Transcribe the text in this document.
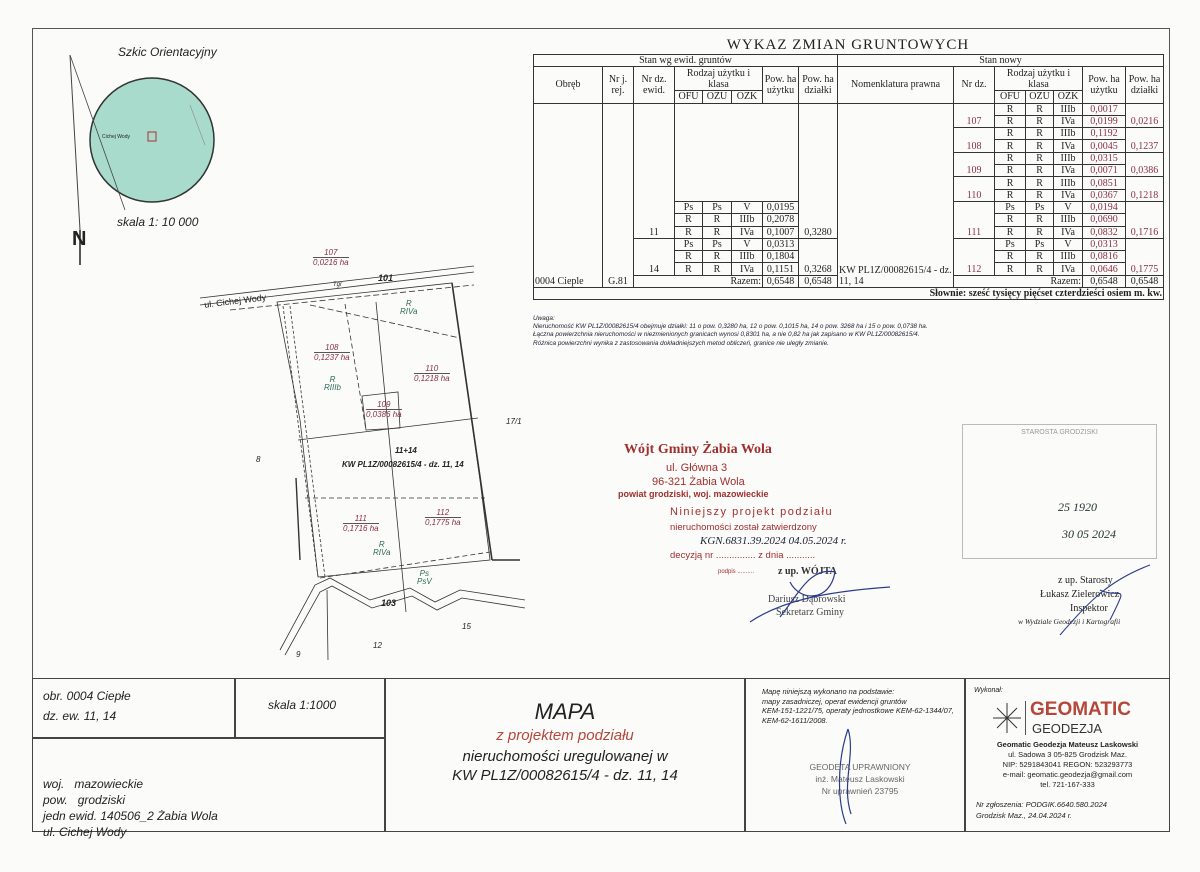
Szkic Orientacyjny
Cichej Wody
skala 1: 10 000
N
ul. Cichej Wody
101
Tgr
103
107
0,0216 ha
108
0,1237 ha
109
0,0386 ha
110
0,1218 ha
111
0,1716 ha
112
0,1775 ha
R
RIVa
R
RIIIb
R
RIVa
Ps
PsV
11+14
KW PL1Z/00082615/4 - dz. 11, 14
8
17/1
9
12
15
WYKAZ ZMIAN GRUNTOWYCH
Stan wg ewid. gruntów								Stan nowy						
Obręb	Nr j. rej.	Nr dz. ewid.	Rodzaj użytku i klasa			Pow. ha użytku	Pow. ha działki	Nomenklatura prawna	Nr dz.	Rodzaj użytku i klasa			Pow. ha użytku	Pow. ha działki
			OFU	OZU	OZK					OFU	OZU	OZK		
0004 Cieple	G.81	11					0,3280	KW PL1Z/00082615/4 - dz. 11, 14	107	R	R	IIIb	0,0017	0,0216
										R	R	IVa	0,0199	
									108	R	R	IIIb	0,1192	0,1237
										R	R	IVa	0,0045	
									109	R	R	IIIb	0,0315	0,0386
										R	R	IVa	0,0071	
									110	R	R	IIIb	0,0851	0,1218
										R	R	IVa	0,0367	
			Ps	Ps	V	0,0195			111	Ps	Ps	V	0,0194	0,1716
			R	R	IIIb	0,2078				R	R	IIIb	0,0690	
			R	R	IVa	0,1007				R	R	IVa	0,0832	
		14	Ps	Ps	V	0,0313	0,3268		112	Ps	Ps	V	0,0313	0,1775
			R	R	IIIb	0,1804				R	R	IIIb	0,0816	
			R	R	IVa	0,1151				R	R	IVa	0,0646	
		Razem:				0,6548	0,6548		Razem:				0,6548	0,6548
Słownie: sześć tysięcy pięćset czterdzieści osiem m. kw.														
Uwaga:
Nieruchomość KW PL1Z/00082615/4 obejmuje działki: 11 o pow. 0,3280 ha, 12 o pow. 0,1015 ha, 14 o pow. 3268 ha i 15 o pow. 0,0738 ha.
Łączna powierzchnia nieruchomości w niezmienionych granicach wynosi 0,8301 ha, a nie 0,82 ha jak zapisano w KW PL1Z/00082615/4.
Różnica powierzchni wynika z zastosowania dokładniejszych metod obliczeń, granice nie uległy zmianie.
Wójt Gminy Żabia Wola
ul. Główna 3
96-321 Żabia Wola
powiat grodziski, woj. mazowieckie
Niniejszy projekt podziału
nieruchomości został zatwierdzony
KGN.6831.39.2024 04.05.2024 r.
decyzją nr ............... z dnia ...........
podpis .......... z up. WÓJTA
Dariusz Dąbrowski
Sekretarz Gminy
STAROSTA GRODZISKI
25 1920
30 05 2024
z up. Starosty
Łukasz Zielerowicz
Inspektor
w Wydziale Geodezji i Kartografii
obr. 0004 Ciepłe
dz. ew. 11, 14
skala 1:1000

woj.   mazowieckie
pow.   grodziski
jedn ewid. 140506_2 Żabia Wola
ul. Cichej Wody

MAPA
z projektem podziału
nieruchomości uregulowanej w
KW PL1Z/00082615/4 - dz. 11, 14
Mapę niniejszą wykonano na podstawie:
mapy zasadniczej, operat ewidencji gruntów
KEM-151-1221/75, operaty jednostkowe KEM-62-1344/07,
KEM-62-1611/2008.
GEODETA UPRAWNIONY
inż. Mateusz Laskowski
Nr uprawnień 23795
Wykonał:
GEOMATIC
GEODEZJA
Geomatic Geodezja Mateusz Laskowski
ul. Sadowa 3 05-825 Grodzisk Maz.
NIP: 5291843041 REGON: 523293773
e-mail: geomatic.geodezja@gmail.com
tel. 721-167-333
Nr zgłoszenia: PODGIK.6640.580.2024
Grodzisk Maz., 24.04.2024 r.
